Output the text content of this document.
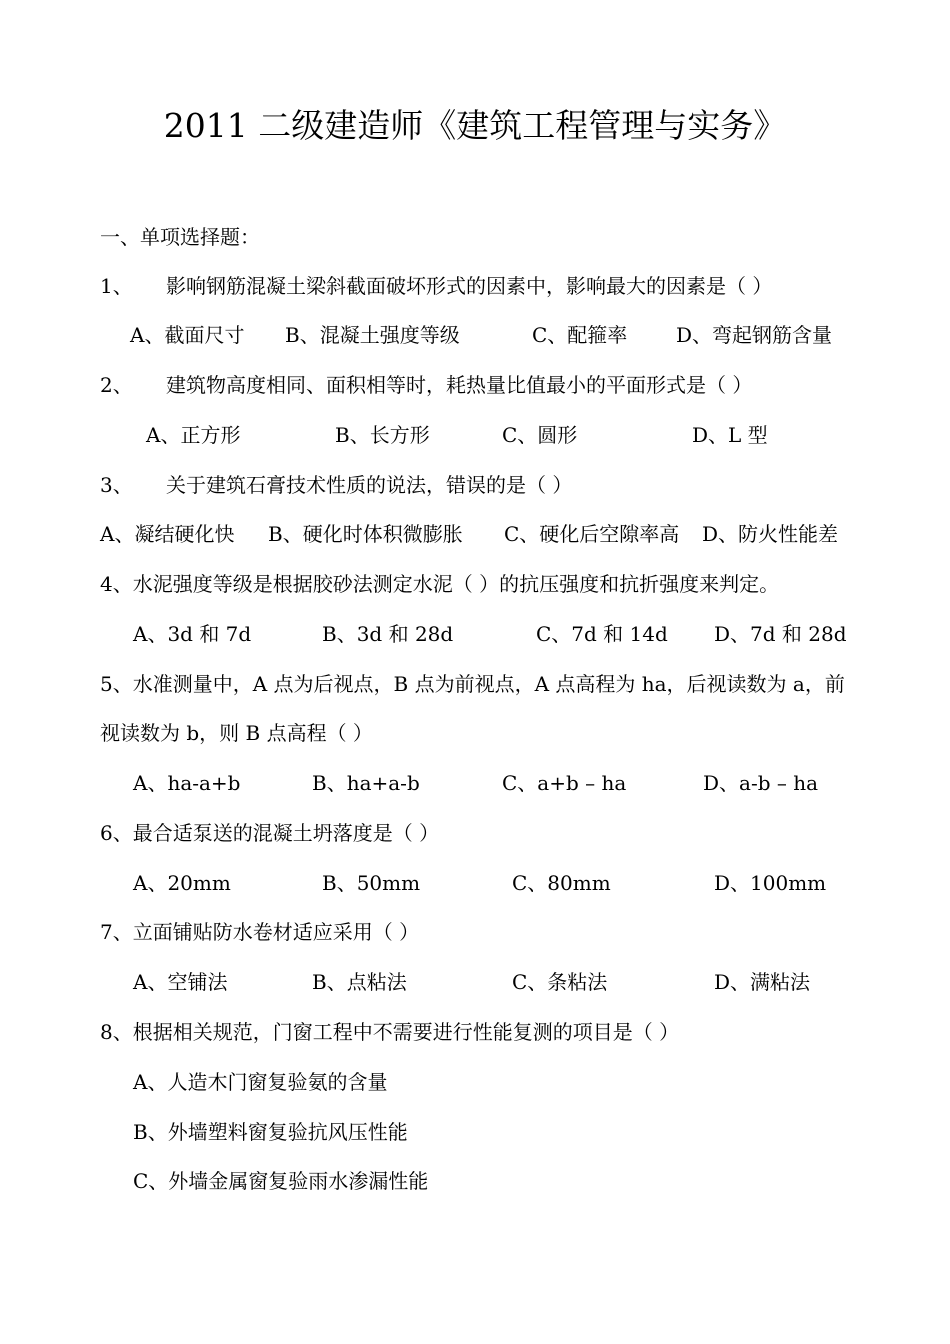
2011 二级建造师《建筑工程管理与实务》
一、单项选择题：
1、 影响钢筋混凝土梁斜截面破坏形式的因素中，影响最大的因素是（ ）
A、截面尺寸 B、混凝土强度等级	C、配箍率 D、弯起钢筋含量
2、 建筑物高度相同、面积相等时，耗热量比值最小的平面形式是（ ）
A、正方形	B、长方形	C、圆形	D、L 型
3、 关于建筑石膏技术性质的说法，错误的是（ ）
A、凝结硬化快 B、硬化时体积微膨胀 C、硬化后空隙率高 D、防火性能差
4、水泥强度等级是根据胶砂法测定水泥（ ）的抗压强度和抗折强度来判定。
A、3d 和 7d	B、3d 和 28d	C、7d 和 14d D、7d 和 28d
5、水准测量中，A 点为后视点，B 点为前视点，A 点高程为 ha，后视读数为 a，前
视读数为 b，则 B 点高程（ ）
A、ha-a+b	B、ha+a-b	C、a+b – ha	D、a-b – ha
6、最合适泵送的混凝土坍落度是（ ）
A、20mm	B、50mm	C、80mm	D、100mm
7、立面铺贴防水卷材适应采用（ ）
A、空铺法	B、点粘法	C、条粘法	D、满粘法
8、根据相关规范，门窗工程中不需要进行性能复测的项目是（ ）
A、人造木门窗复验氨的含量
B、外墙塑料窗复验抗风压性能
C、外墙金属窗复验雨水渗漏性能
